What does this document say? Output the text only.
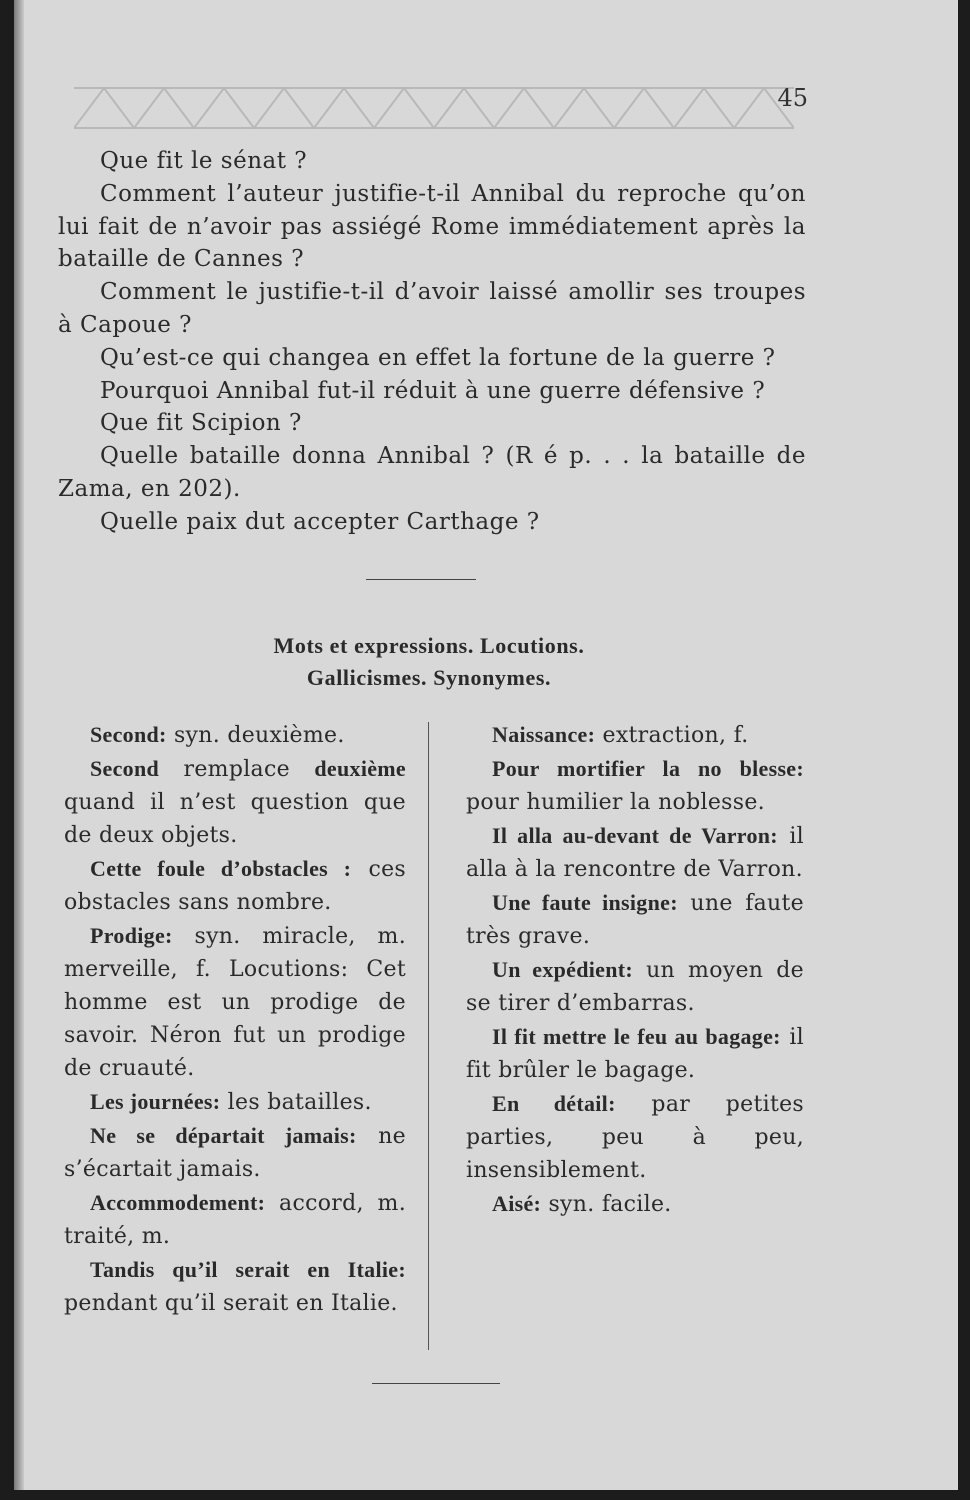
45

Que fit le sénat ?

Comment l’auteur justifie-t-il Annibal du reproche qu’on lui fait de n’avoir pas assiégé Rome immédiatement après la bataille de Cannes ?

Comment le justifie-t-il d’avoir laissé amollir ses troupes à Capoue ?

Qu’est-ce qui changea en effet la fortune de la guerre ?

Pourquoi Annibal fut-il réduit à une guerre défensive ?

Que fit Scipion ?

Quelle bataille donna Annibal ? (R é p. . . la bataille de Zama, en 202).

Quelle paix dut accepter Carthage ?

Mots et expressions. Locutions.
Gallicismes. Synonymes.

Second: syn. deuxième.

Second remplace deuxième quand il n’est question que de deux objets.

Cette foule d’obstacles : ces obstacles sans nombre.

Prodige: syn. miracle, m. merveille, f. Locutions: Cet homme est un prodige de savoir. Néron fut un prodige de cruauté.

Les journées: les batailles.

Ne se départait jamais: ne s’écartait jamais.

Accommodement: accord, m. traité, m.

Tandis qu’il serait en Italie: pendant qu’il serait en Italie.

Naissance: extraction, f.

Pour mortifier la no blesse: pour humilier la noblesse.

Il alla au-devant de Varron: il alla à la rencontre de Varron.

Une faute insigne: une faute très grave.

Un expédient: un moyen de se tirer d’embarras.

Il fit mettre le feu au bagage: il fit brûler le bagage.

En détail: par petites parties, peu à peu, insensiblement.

Aisé: syn. facile.
